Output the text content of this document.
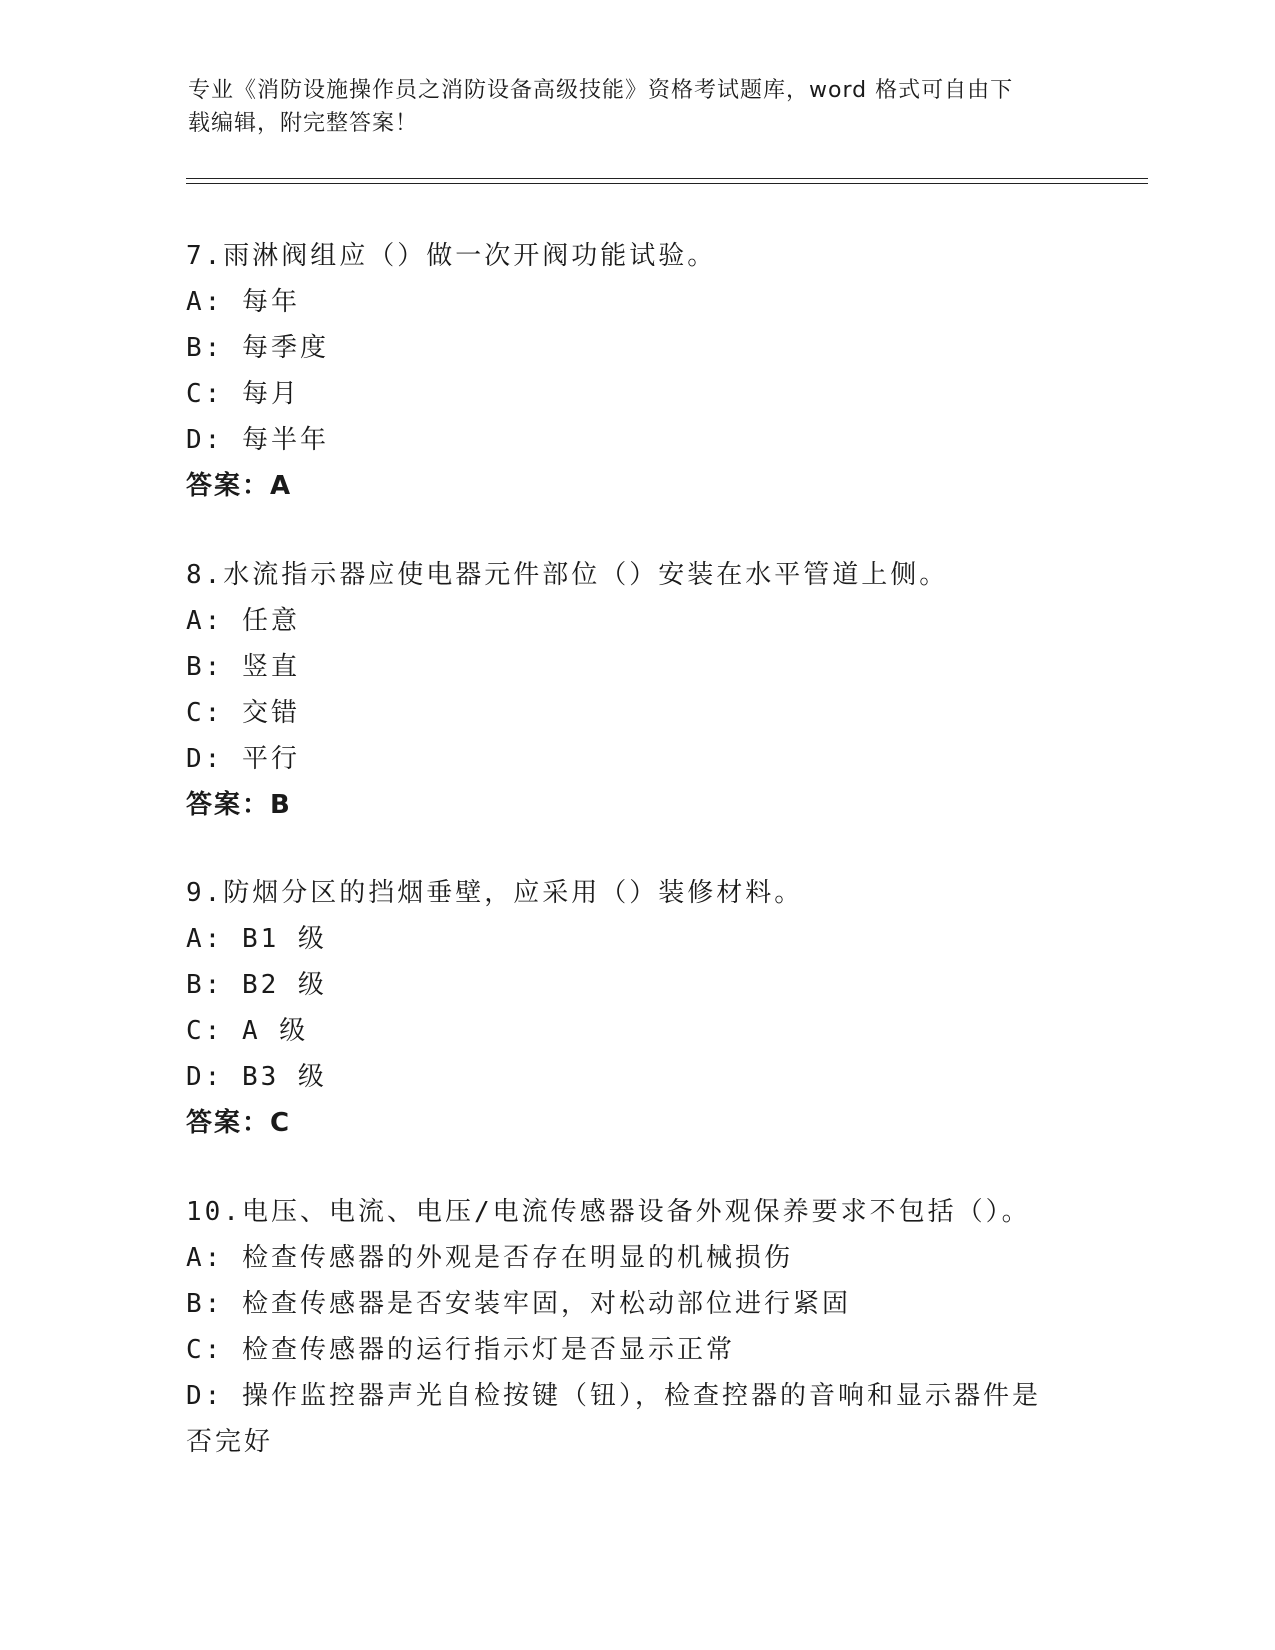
专业《消防设施操作员之消防设备高级技能》资格考试题库，word 格式可自由下
载编辑，附完整答案！
7.雨淋阀组应（）做一次开阀功能试验。
A: 每年
B: 每季度
C: 每月
D: 每半年
答案：A
8.水流指示器应使电器元件部位（）安装在水平管道上侧。
A: 任意
B: 竖直
C: 交错
D: 平行
答案：B
9.防烟分区的挡烟垂壁，应采用（）装修材料。
A: B1 级
B: B2 级
C: A 级
D: B3 级
答案：C
10.电压、电流、电压/电流传感器设备外观保养要求不包括（）。
A: 检查传感器的外观是否存在明显的机械损伤
B: 检查传感器是否安装牢固，对松动部位进行紧固
C: 检查传感器的运行指示灯是否显示正常
D: 操作监控器声光自检按键（钮），检查控器的音响和显示器件是否完好
